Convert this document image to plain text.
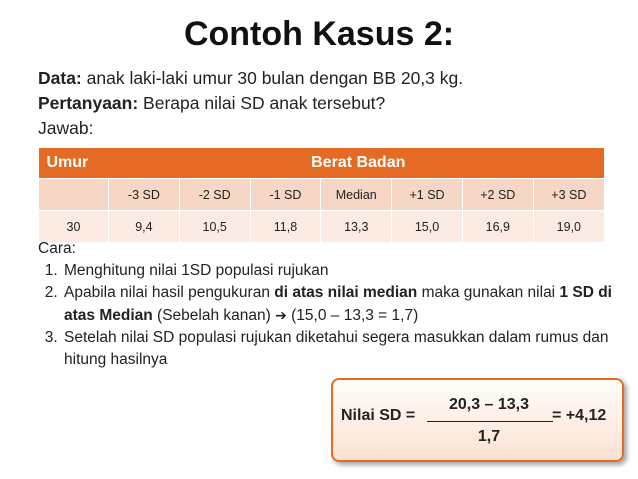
Contoh Kasus 2:
Data: anak laki-laki umur 30 bulan dengan BB 20,3 kg.
Pertanyaan: Berapa nilai SD anak tersebut?
Jawab:
Umur	Berat Badan						
	-3 SD	-2 SD	-1 SD	Median	+1 SD	+2 SD	+3 SD
30	9,4	10,5	11,8	13,3	15,0	16,9	19,0
Cara:
1. Menghitung nilai 1SD populasi rujukan
2. Apabila nilai hasil pengukuran di atas nilai median maka gunakan nilai 1 SD di atas Median (Sebelah kanan) ➔ (15,0 – 13,3 = 1,7)
3. Setelah nilai SD populasi rujukan diketahui segera masukkan dalam rumus dan hitung hasilnya
Nilai SD =
20,3 – 13,3
1,7
= +4,12
